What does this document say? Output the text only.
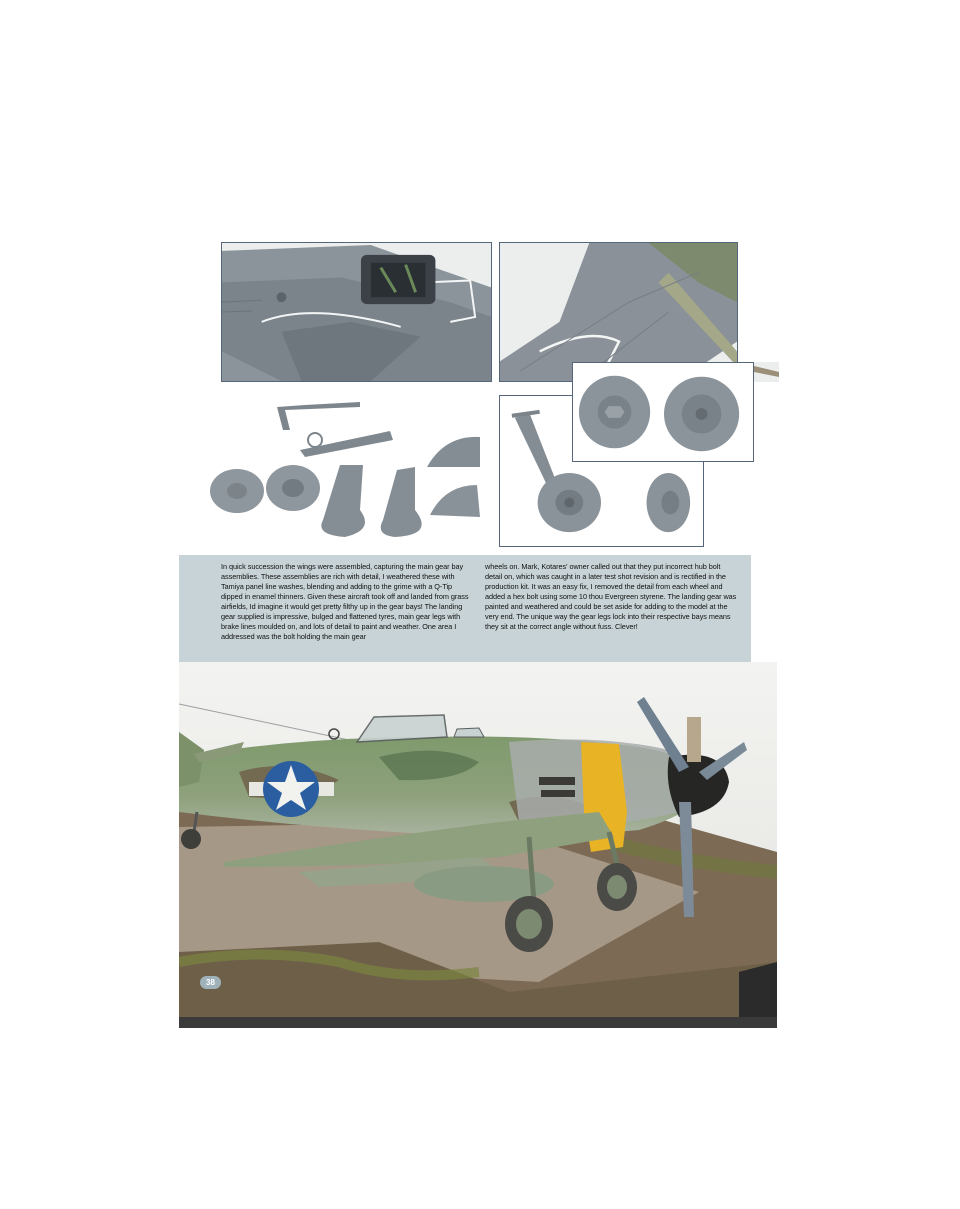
In quick succession the wings were assembled, capturing the main gear bay assemblies. These assemblies are rich with detail, I weathered these with Tamiya panel line washes, blending and adding to the grime with a Q-Tip dipped in enamel thinners. Given these aircraft took off and landed from grass airfields, Id imagine it would get pretty filthy up in the gear bays! The landing gear supplied is impressive, bulged and flattened tyres, main gear legs with brake lines moulded on, and lots of detail to paint and weather. One area I addressed was the bolt holding the main gear
wheels on. Mark, Kotares' owner called out that they put incorrect hub bolt detail on, which was caught in a later test shot revision and is rectified in the production kit. It was an easy fix, I removed the detail from each wheel and added a hex bolt using some 10 thou Evergreen styrene. The landing gear was painted and weathered and could be set aside for adding to the model at the very end. The unique way the gear legs lock into their respective bays means they sit at the correct angle without fuss. Clever!
38
